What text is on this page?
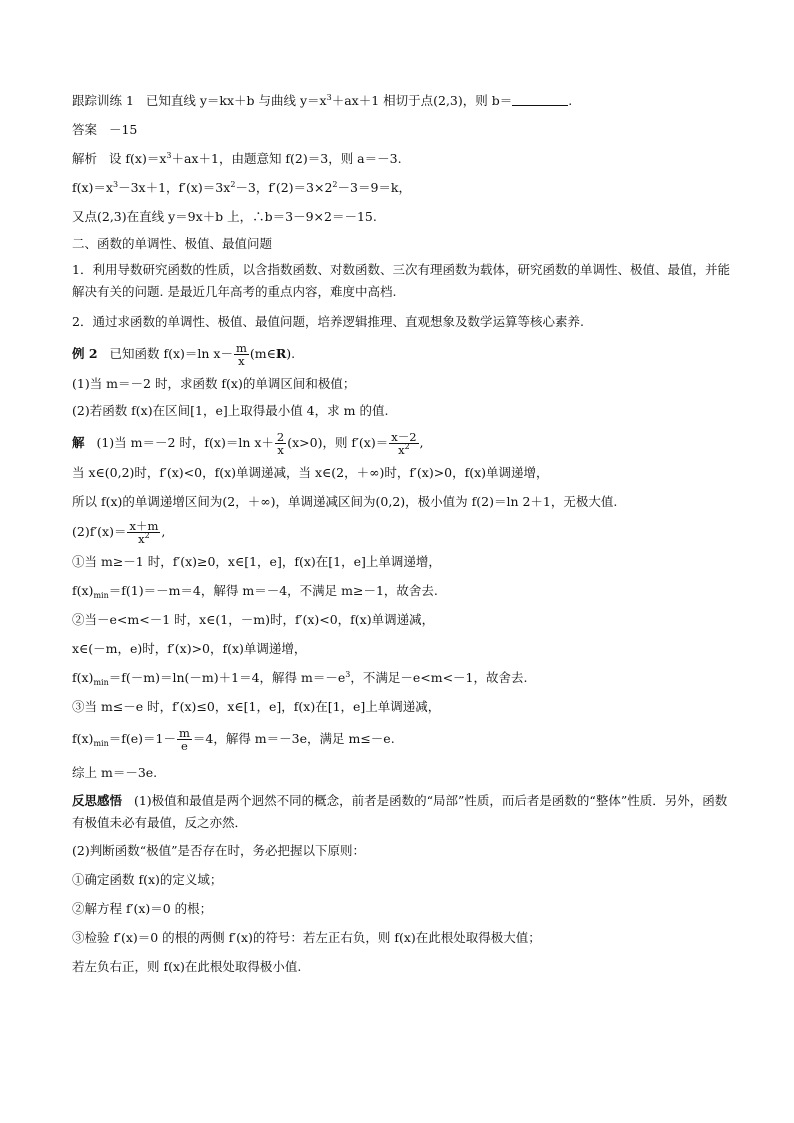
跟踪训练 1 已知直线 y＝kx＋b 与曲线 $y=x^3+ax+1$ 相切于点(2,3)，则 b＝	.

答案 －15

解析 设 $f(x)=x^3+ax+1$，由题意知 f(2)＝3，则 a＝－3.

$f(x)=x^3-3x+1$，$f'(x)=3x^2-3$，$f'(2)=3\times 2^2-3=9=k$，

又点(2,3)在直线 y＝9x＋b 上，∴b＝3－9×2＝－15.

二、函数的单调性、极值、最值问题

1．利用导数研究函数的性质，以含指数函数、对数函数、三次有理函数为载体，研究函数的单调性、极值、最值，并能解决有关的问题. 是最近几年高考的重点内容，难度中高档.

2．通过求函数的单调性、极值、最值问题，培养逻辑推理、直观想象及数学运算等核心素养.

例 2 已知函数 f(x)＝ln $x- \frac{m}{x}$ (m∈R).

(1)当 m＝－2 时，求函数 f(x)的单调区间和极值；

(2)若函数 f(x)在区间[1，e]上取得最小值 4，求 m 的值.

解 (1)当 m＝－2 时，f(x)＝ln $x+ \frac{2}{x} (x>0)$，则 $f'(x)= \frac{x-2}{x^2}$ ,

当 x∈(0,2)时，f′(x)<0，f(x)单调递减，当 x∈(2，＋∞)时，f′(x)>0，f(x)单调递增，

所以 f(x)的单调递增区间为(2，＋∞)，单调递减区间为(0,2)，极小值为 f(2)＝ln 2＋1，无极大值.

$(2)f'(x)= \frac{x+m}{x^2}$ ,

①当 m≥－1 时，f′(x)≥0，x∈[1，e]，f(x)在[1，e]上单调递增，

$f(x)_{min}=f(1)=-m=4$，解得 m＝－4，不满足 m≥－1，故舍去.

②当－e<m<－1 时，x∈(1，－m)时，f′(x)<0，f(x)单调递减，

x∈(－m，e)时，f′(x)>0，f(x)单调递增，

$f(x)_{min}=f(-m)=\ln(-m)+1=4$，解得 $m=-e^3$，不满足－e<m<－1，故舍去.

③当 m≤－e 时，f′(x)≤0，x∈[1，e]，f(x)在[1，e]上单调递减，

$f(x)_{min}=f(e)=1- \frac{m}{e} =4$，解得 m＝－3e，满足 m≤－e.

综上 m＝－3e.

反思感悟 (1)极值和最值是两个迥然不同的概念，前者是函数的“局部”性质，而后者是函数的“整体”性质．另外，函数有极值未必有最值，反之亦然．

(2)判断函数“极值”是否存在时，务必把握以下原则：

①确定函数 f(x)的定义域；

②解方程 f′(x)＝0 的根；

③检验 f′(x)＝0 的根的两侧 f′(x)的符号：若左正右负，则 f(x)在此根处取得极大值；

若左负右正，则 f(x)在此根处取得极小值.
